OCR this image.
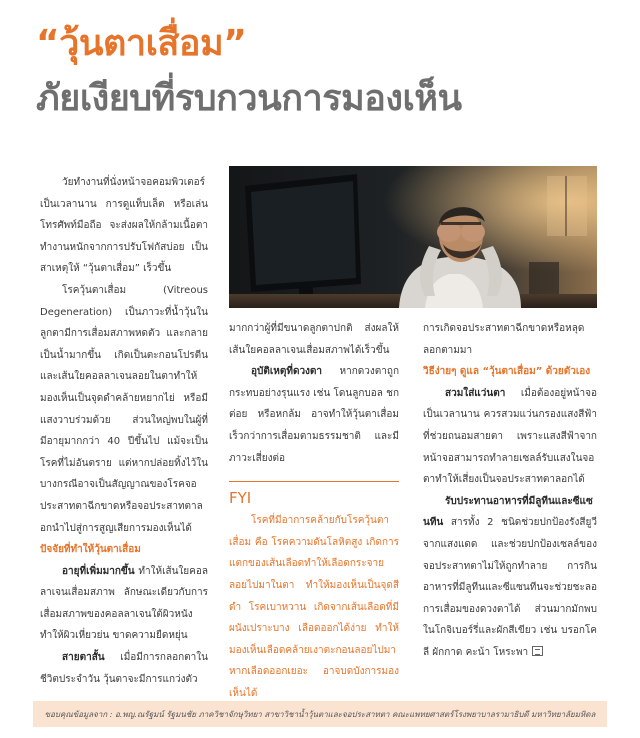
“วุ้นตาเสื่อม”
ภัยเงียบที่รบกวนการมองเห็น

วัยทำงานที่นั่งหน้าจอคอมพิวเตอร์เป็นเวลานาน การดูแท็บเล็ต หรือเล่นโทรศัพท์มือถือ จะส่งผลให้กล้ามเนื้อตาทำงานหนักจากการปรับโฟกัสบ่อย เป็นสาเหตุให้ “วุ้นตาเสื่อม” เร็วขึ้น

โรควุ้นตาเสื่อม (Vitreous Degeneration) เป็นภาวะที่น้ำวุ้นในลูกตามีการเสื่อมสภาพหดตัว และกลายเป็นน้ำมากขึ้น เกิดเป็นตะกอนโปรตีนและเส้นใยคอลลาเจนลอยในตาทำให้มองเห็นเป็นจุดดำคล้ายหยากไย่ หรือมีแสงวาบร่วมด้วย ส่วนใหญ่พบในผู้ที่มีอายุมากกว่า 40 ปีขึ้นไป แม้จะเป็นโรคที่ไม่อันตราย แต่หากปล่อยทิ้งไว้ในบางกรณีอาจเป็นสัญญาณของโรคจอประสาทตาฉีกขาดหรือจอประสาทตาลอกนำไปสู่การสูญเสียการมองเห็นได้

ปัจจัยที่ทำให้วุ้นตาเสื่อม

อายุที่เพิ่มมากขึ้น ทำให้เส้นใยคอลลาเจนเสื่อมสภาพ ลักษณะเดียวกับการเสื่อมสภาพของคอลลาเจนใต้ผิวหนังทำให้ผิวเหี่ยวย่น ขาดความยืดหยุ่น

สายตาสั้น เมื่อมีการกลอกตาในชีวิตประจำวัน วุ้นตาจะมีการแกว่งตัว

มากกว่าผู้ที่มีขนาดลูกตาปกติ ส่งผลให้เส้นใยคอลลาเจนเสื่อมสภาพได้เร็วขึ้น

อุบัติเหตุที่ดวงตา หากดวงตาถูกกระทบอย่างรุนแรง เช่น โดนลูกบอล ชกต่อย หรือหกล้ม อาจทำให้วุ้นตาเสื่อมเร็วกว่าการเสื่อมตามธรรมชาติ และมีภาวะเสี่ยงต่อ

FYI

โรคที่มีอาการคล้ายกับโรควุ้นตาเสื่อม คือ โรคความดันโลหิตสูง เกิดการแตกของเส้นเลือดทำให้เลือดกระจายลอยไปมาในตา ทำให้มองเห็นเป็นจุดสีดำ โรคเบาหวาน เกิดจากเส้นเลือดที่มีผนังเปราะบาง เลือดออกได้ง่าย ทำให้มองเห็นเลือดคล้ายเงาตะกอนลอยไปมา หากเลือดออกเยอะ อาจบดบังการมองเห็นได้

การเกิดจอประสาทตาฉีกขาดหรือหลุดลอกตามมา

วิธีง่ายๆ ดูแล “วุ้นตาเสื่อม” ด้วยตัวเอง

สวมใส่แว่นตา เมื่อต้องอยู่หน้าจอเป็นเวลานาน ควรสวมแว่นกรองแสงสีฟ้าที่ช่วยถนอมสายตา เพราะแสงสีฟ้าจากหน้าจอสามารถทำลายเซลล์รับแสงในจอตาทำให้เสี่ยงเป็นจอประสาทตาลอกได้

รับประทานอาหารที่มีลูทีนและซีแซนทีน สารทั้ง 2 ชนิดช่วยปกป้องรังสียูวีจากแสงแดด และช่วยปกป้องเซลล์ของจอประสาทตาไม่ให้ถูกทำลาย การกินอาหารที่มีลูทีนและซีแซนทีนจะช่วยชะลอการเสื่อมของดวงตาได้ ส่วนมากมักพบในโกจิเบอร์รี่และผักสีเขียว เช่น บรอกโคลี ผักกาด คะน้า โหระพา

ขอบคุณข้อมูลจาก : อ.พญ.ณรัฐมน์ รัฐมนชัย ภาควิชาจักษุวิทยา สาขาวิชาน้ำวุ้นตาและจอประสาทตา คณะแพทยศาสตร์โรงพยาบาลรามาธิบดี มหาวิทยาลัยมหิดล
